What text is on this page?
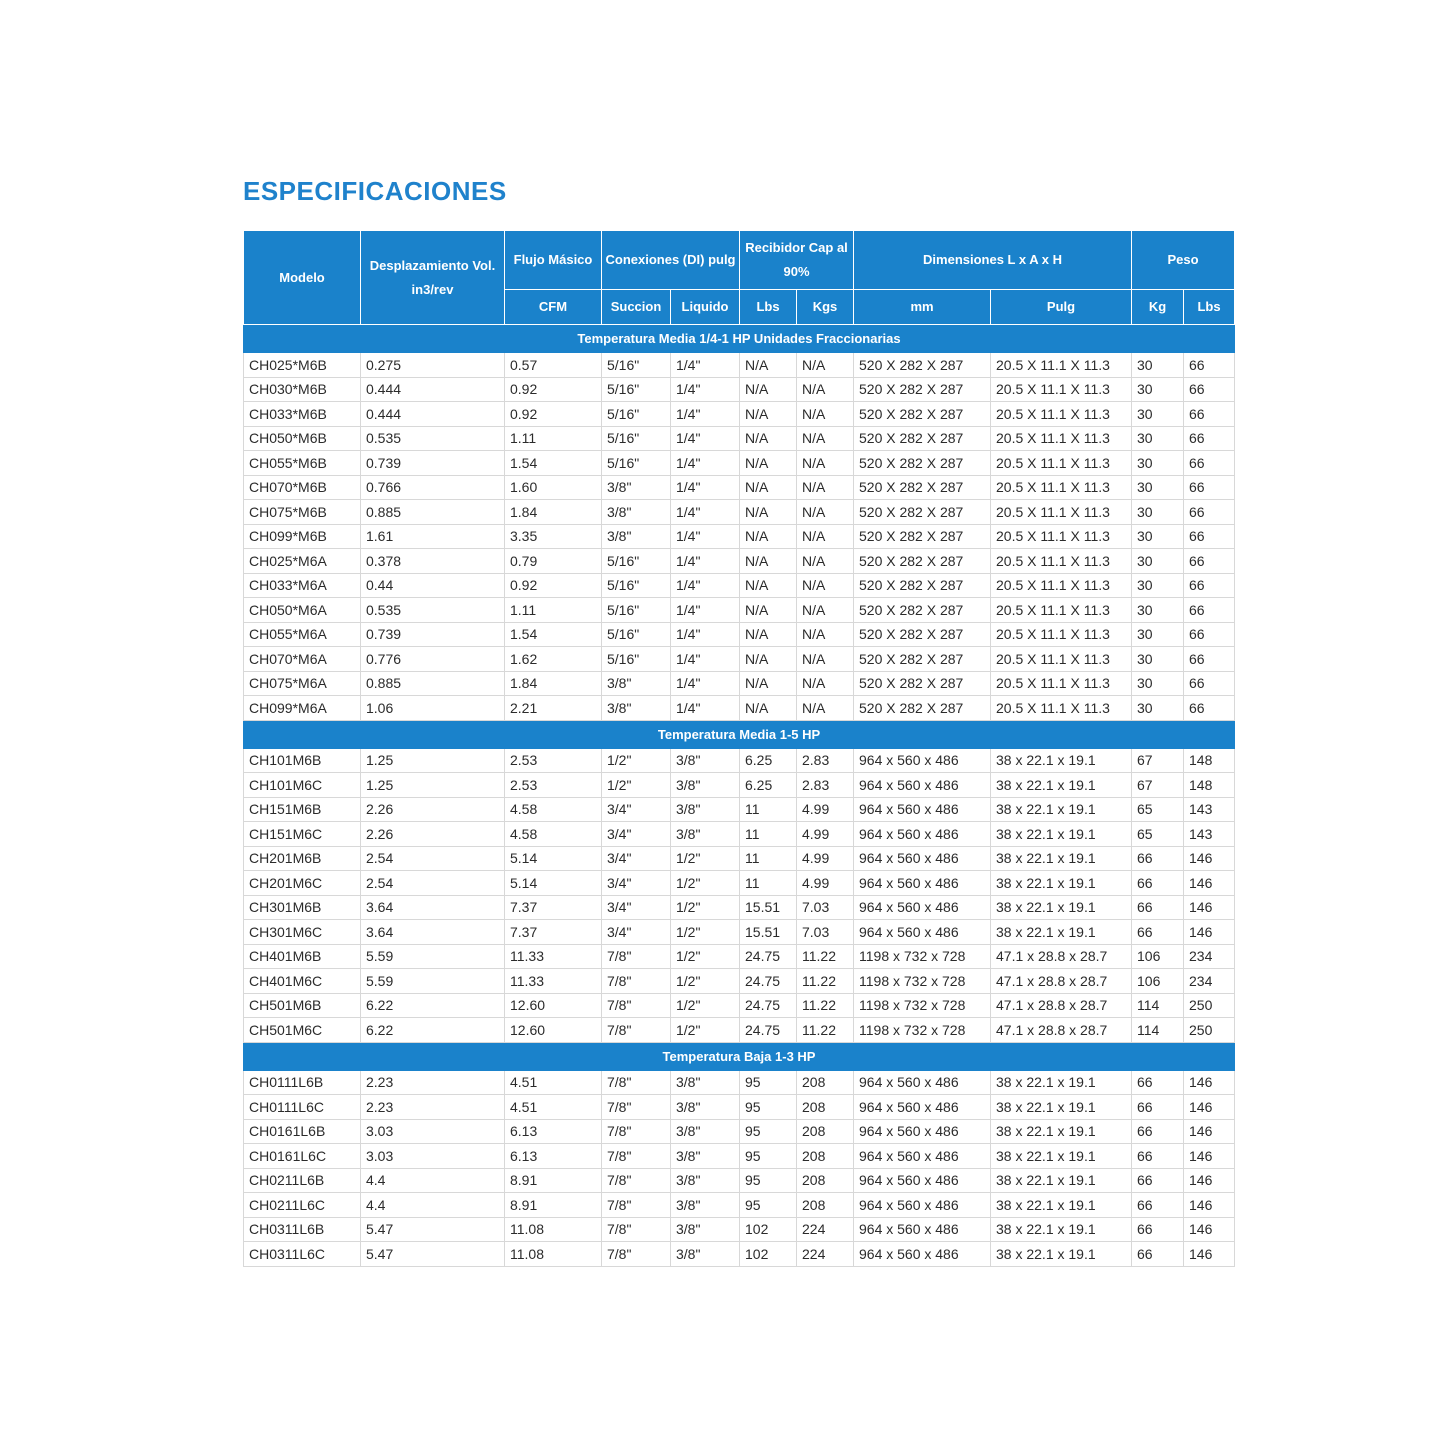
ESPECIFICACIONES
Modelo	Desplazamiento Vol. in3/rev	Flujo Másico	Conexiones (DI) pulg		Recibidor Cap al 90%		Dimensiones L x A x H		Peso	
		CFM	Succion	Liquido	Lbs	Kgs	mm	Pulg	Kg	Lbs
Temperatura Media 1/4-1 HP Unidades Fraccionarias										
CH025*M6B	0.275	0.57	5/16"	1/4"	N/A	N/A	520 X 282 X 287	20.5 X 11.1 X 11.3	30	66
CH030*M6B	0.444	0.92	5/16"	1/4"	N/A	N/A	520 X 282 X 287	20.5 X 11.1 X 11.3	30	66
CH033*M6B	0.444	0.92	5/16"	1/4"	N/A	N/A	520 X 282 X 287	20.5 X 11.1 X 11.3	30	66
CH050*M6B	0.535	1.11	5/16"	1/4"	N/A	N/A	520 X 282 X 287	20.5 X 11.1 X 11.3	30	66
CH055*M6B	0.739	1.54	5/16"	1/4"	N/A	N/A	520 X 282 X 287	20.5 X 11.1 X 11.3	30	66
CH070*M6B	0.766	1.60	3/8"	1/4"	N/A	N/A	520 X 282 X 287	20.5 X 11.1 X 11.3	30	66
CH075*M6B	0.885	1.84	3/8"	1/4"	N/A	N/A	520 X 282 X 287	20.5 X 11.1 X 11.3	30	66
CH099*M6B	1.61	3.35	3/8"	1/4"	N/A	N/A	520 X 282 X 287	20.5 X 11.1 X 11.3	30	66
CH025*M6A	0.378	0.79	5/16"	1/4"	N/A	N/A	520 X 282 X 287	20.5 X 11.1 X 11.3	30	66
CH033*M6A	0.44	0.92	5/16"	1/4"	N/A	N/A	520 X 282 X 287	20.5 X 11.1 X 11.3	30	66
CH050*M6A	0.535	1.11	5/16"	1/4"	N/A	N/A	520 X 282 X 287	20.5 X 11.1 X 11.3	30	66
CH055*M6A	0.739	1.54	5/16"	1/4"	N/A	N/A	520 X 282 X 287	20.5 X 11.1 X 11.3	30	66
CH070*M6A	0.776	1.62	5/16"	1/4"	N/A	N/A	520 X 282 X 287	20.5 X 11.1 X 11.3	30	66
CH075*M6A	0.885	1.84	3/8"	1/4"	N/A	N/A	520 X 282 X 287	20.5 X 11.1 X 11.3	30	66
CH099*M6A	1.06	2.21	3/8"	1/4"	N/A	N/A	520 X 282 X 287	20.5 X 11.1 X 11.3	30	66
Temperatura Media 1-5 HP										
CH101M6B	1.25	2.53	1/2"	3/8"	6.25	2.83	964 x 560 x 486	38 x 22.1 x 19.1	67	148
CH101M6C	1.25	2.53	1/2"	3/8"	6.25	2.83	964 x 560 x 486	38 x 22.1 x 19.1	67	148
CH151M6B	2.26	4.58	3/4"	3/8"	11	4.99	964 x 560 x 486	38 x 22.1 x 19.1	65	143
CH151M6C	2.26	4.58	3/4"	3/8"	11	4.99	964 x 560 x 486	38 x 22.1 x 19.1	65	143
CH201M6B	2.54	5.14	3/4"	1/2"	11	4.99	964 x 560 x 486	38 x 22.1 x 19.1	66	146
CH201M6C	2.54	5.14	3/4"	1/2"	11	4.99	964 x 560 x 486	38 x 22.1 x 19.1	66	146
CH301M6B	3.64	7.37	3/4"	1/2"	15.51	7.03	964 x 560 x 486	38 x 22.1 x 19.1	66	146
CH301M6C	3.64	7.37	3/4"	1/2"	15.51	7.03	964 x 560 x 486	38 x 22.1 x 19.1	66	146
CH401M6B	5.59	11.33	7/8"	1/2"	24.75	11.22	1198 x 732 x 728	47.1 x 28.8 x 28.7	106	234
CH401M6C	5.59	11.33	7/8"	1/2"	24.75	11.22	1198 x 732 x 728	47.1 x 28.8 x 28.7	106	234
CH501M6B	6.22	12.60	7/8"	1/2"	24.75	11.22	1198 x 732 x 728	47.1 x 28.8 x 28.7	114	250
CH501M6C	6.22	12.60	7/8"	1/2"	24.75	11.22	1198 x 732 x 728	47.1 x 28.8 x 28.7	114	250
Temperatura Baja 1-3 HP										
CH0111L6B	2.23	4.51	7/8"	3/8"	95	208	964 x 560 x 486	38 x 22.1 x 19.1	66	146
CH0111L6C	2.23	4.51	7/8"	3/8"	95	208	964 x 560 x 486	38 x 22.1 x 19.1	66	146
CH0161L6B	3.03	6.13	7/8"	3/8"	95	208	964 x 560 x 486	38 x 22.1 x 19.1	66	146
CH0161L6C	3.03	6.13	7/8"	3/8"	95	208	964 x 560 x 486	38 x 22.1 x 19.1	66	146
CH0211L6B	4.4	8.91	7/8"	3/8"	95	208	964 x 560 x 486	38 x 22.1 x 19.1	66	146
CH0211L6C	4.4	8.91	7/8"	3/8"	95	208	964 x 560 x 486	38 x 22.1 x 19.1	66	146
CH0311L6B	5.47	11.08	7/8"	3/8"	102	224	964 x 560 x 486	38 x 22.1 x 19.1	66	146
CH0311L6C	5.47	11.08	7/8"	3/8"	102	224	964 x 560 x 486	38 x 22.1 x 19.1	66	146
